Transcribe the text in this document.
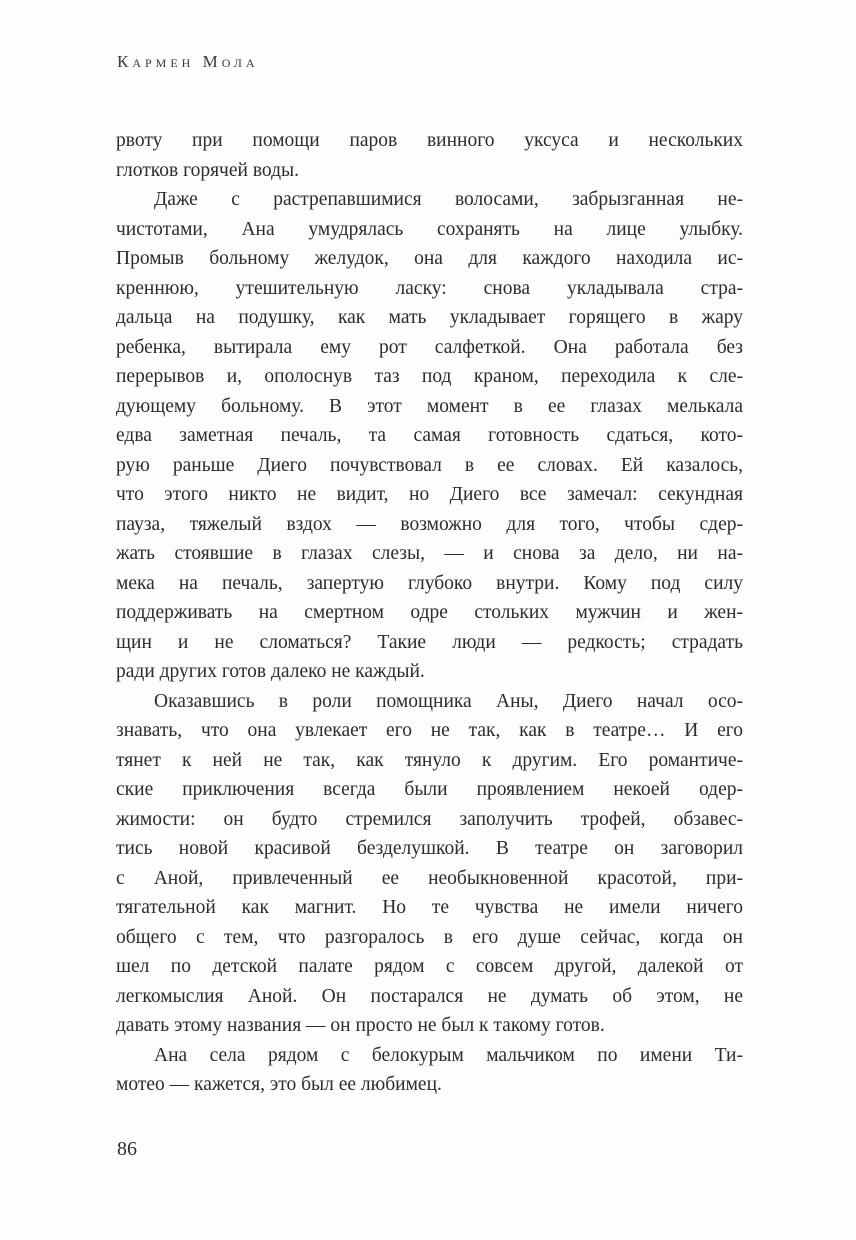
Кармен Мола
рвоту при помощи паров винного уксуса и нескольких
глотков горячей воды.
Даже с растрепавшимися волосами, забрызганная не-
чистотами, Ана умудрялась сохранять на лице улыбку.
Промыв больному желудок, она для каждого находила ис-
креннюю, утешительную ласку: снова укладывала стра-
дальца на подушку, как мать укладывает горящего в жару
ребенка, вытирала ему рот салфеткой. Она работала без
перерывов и, ополоснув таз под краном, переходила к сле-
дующему больному. В этот момент в ее глазах мелькала
едва заметная печаль, та самая готовность сдаться, кото-
рую раньше Диего почувствовал в ее словах. Ей казалось,
что этого никто не видит, но Диего все замечал: секундная
пауза, тяжелый вздох — возможно для того, чтобы сдер-
жать стоявшие в глазах слезы, — и снова за дело, ни на-
мека на печаль, запертую глубоко внутри. Кому под силу
поддерживать на смертном одре стольких мужчин и жен-
щин и не сломаться? Такие люди — редкость; страдать
ради других готов далеко не каждый.
Оказавшись в роли помощника Аны, Диего начал осо-
знавать, что она увлекает его не так, как в театре… И его
тянет к ней не так, как тянуло к другим. Его романтиче-
ские приключения всегда были проявлением некоей одер-
жимости: он будто стремился заполучить трофей, обзавес-
тись новой красивой безделушкой. В театре он заговорил
с Аной, привлеченный ее необыкновенной красотой, при-
тягательной как магнит. Но те чувства не имели ничего
общего с тем, что разгоралось в его душе сейчас, когда он
шел по детской палате рядом с совсем другой, далекой от
легкомыслия Аной. Он постарался не думать об этом, не
давать этому названия — он просто не был к такому готов.
Ана села рядом с белокурым мальчиком по имени Ти-
мотео — кажется, это был ее любимец.
86
